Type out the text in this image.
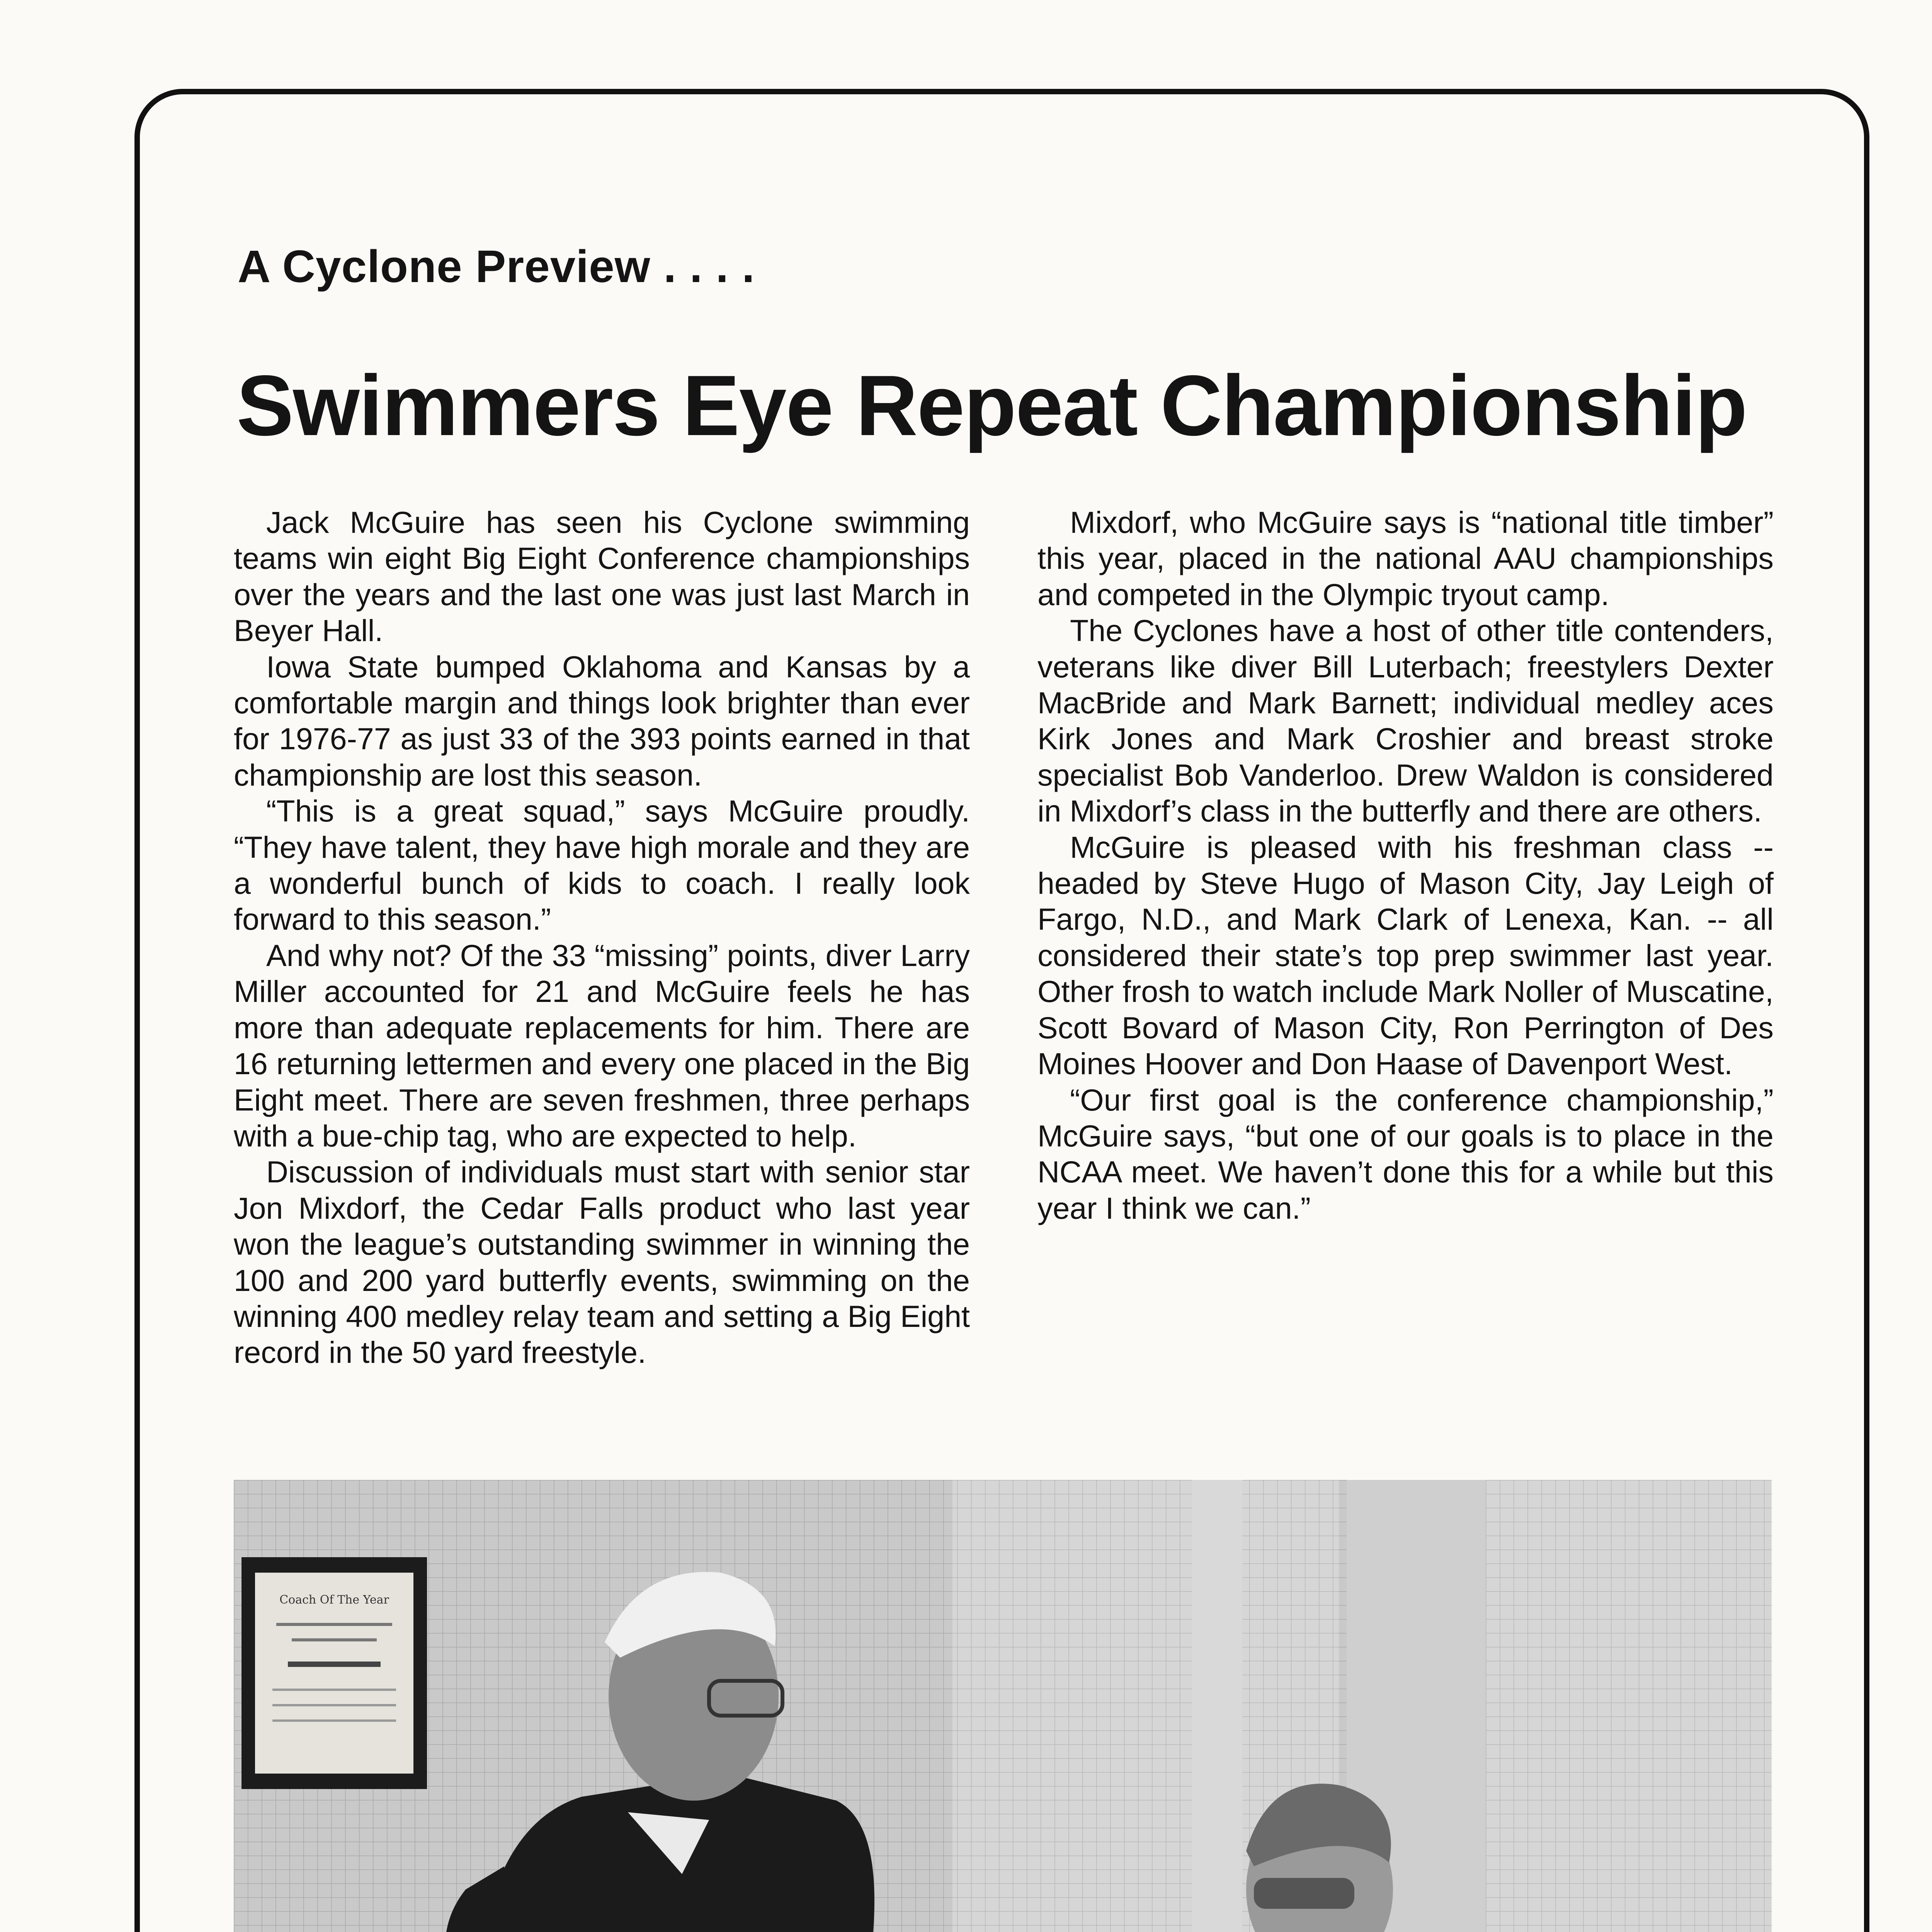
A Cyclone Preview . . . .
Swimmers Eye Repeat Championship

Jack McGuire has seen his Cyclone swimming teams win eight Big Eight Conference championships over the years and the last one was just last March in Beyer Hall.

Iowa State bumped Oklahoma and Kansas by a comfortable margin and things look brighter than ever for 1976-77 as just 33 of the 393 points earned in that championship are lost this season.

“This is a great squad,” says McGuire proudly. “They have talent, they have high morale and they are a wonderful bunch of kids to coach. I really look forward to this season.”

And why not? Of the 33 “missing” points, diver Larry Miller accounted for 21 and McGuire feels he has more than adequate replacements for him. There are 16 returning lettermen and every one placed in the Big Eight meet. There are seven freshmen, three perhaps with a bue-chip tag, who are expected to help.

Discussion of individuals must start with senior star Jon Mixdorf, the Cedar Falls product who last year won the league’s outstanding swimmer in winning the 100 and 200 yard butterfly events, swimming on the winning 400 medley relay team and setting a Big Eight record in the 50 yard freestyle.

Mixdorf, who McGuire says is “national title timber” this year, placed in the national AAU championships and competed in the Olympic tryout camp.

The Cyclones have a host of other title contenders, veterans like diver Bill Luterbach; freestylers Dexter MacBride and Mark Barnett; individual medley aces Kirk Jones and Mark Croshier and breast stroke specialist Bob Vanderloo. Drew Waldon is considered in Mixdorf’s class in the butterfly and there are others.

McGuire is pleased with his freshman class -- headed by Steve Hugo of Mason City, Jay Leigh of Fargo, N.D., and Mark Clark of Lenexa, Kan. -- all considered their state’s top prep swimmer last year. Other frosh to watch include Mark Noller of Muscatine, Scott Bovard of Mason City, Ron Perrington of Des Moines Hoover and Don Haase of Davenport West.

“Our first goal is the conference championship,” McGuire says, “but one of our goals is to place in the NCAA meet. We haven’t done this for a while but this year I think we can.”

Coach Of The Year
